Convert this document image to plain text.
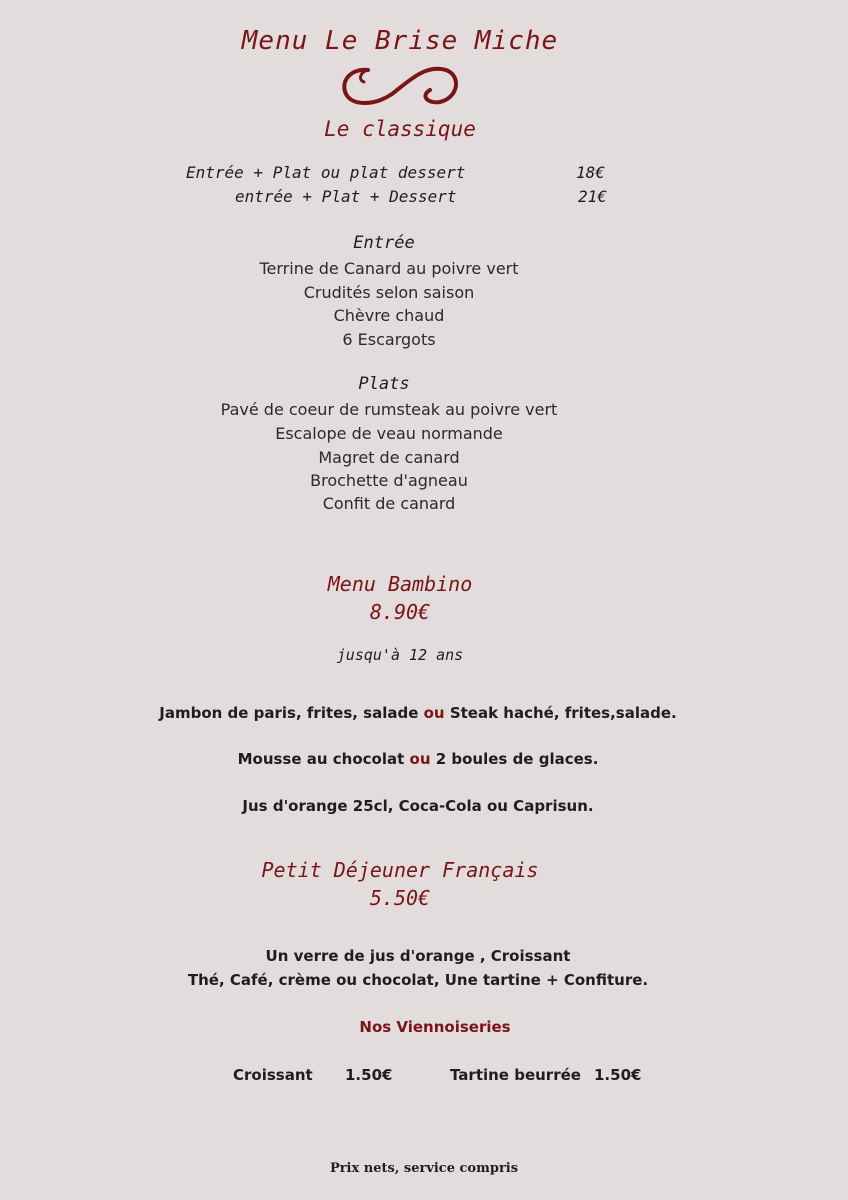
Menu Le Brise Miche
Le classique
Entrée + Plat ou plat dessert	18€
entrée + Plat + Dessert	21€
Entrée
Terrine de Canard au poivre vert
Crudités selon saison
Chèvre chaud
6 Escargots
Plats
Pavé de coeur de rumsteak au poivre vert
Escalope de veau normande
Magret de canard
Brochette d'agneau
Confit de canard
Menu Bambino
8.90€
jusqu'à 12 ans
Jambon de paris, frites, salade ou Steak haché, frites,salade.
Mousse au chocolat ou 2 boules de glaces.
Jus d'orange 25cl, Coca-Cola ou Caprisun.
Petit Déjeuner Français
5.50€
Un verre de jus d'orange , Croissant
Thé, Café, crème ou chocolat, Une tartine + Confiture.
Nos Viennoiseries
Croissant 1.50€	Tartine beurrée 1.50€
Prix nets, service compris
